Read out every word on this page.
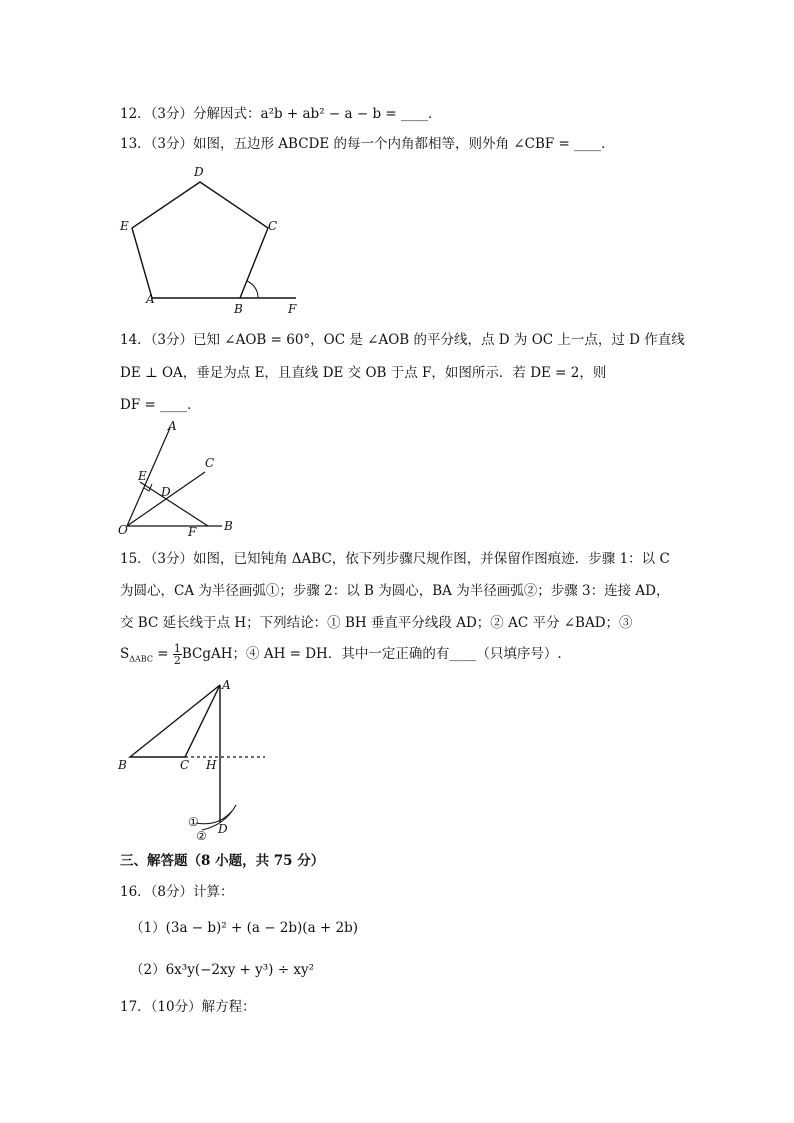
12．（3分）分解因式：a²b + ab² − a − b = ____．
13．（3分）如图，五边形 ABCDE 的每一个内角都相等，则外角 ∠CBF = ____．
D
C
E
A
B	F
14．（3分）已知 ∠AOB = 60°，OC 是 ∠AOB 的平分线，点 D 为 OC 上一点，过 D 作直线
DE ⊥ OA，垂足为点 E，且直线 DE 交 OB 于点 F，如图所示．若 DE = 2，则
DF = ____．
A
C
E
D
O	F B
15．（3分）如图，已知钝角 ΔABC，依下列步骤尺规作图，并保留作图痕迹．步骤 1：以 C
为圆心，CA 为半径画弧①；步骤 2：以 B 为圆心，BA 为半径画弧②；步骤 3：连接 AD，
交 BC 延长线于点 H；下列结论：① BH 垂直平分线段 AD；② AC 平分 ∠BAD；③
$S_{\Delta ABC} = \frac{1}{2}$ BCgAH；④ AH = DH．其中一定正确的有____（只填序号）.
A
B	C H
①
② D
三、解答题（8 小题，共 75 分）
16．（8分）计算：
（1）(3a − b)² + (a − 2b)(a + 2b)
（2）6x³y(−2xy + y³) ÷ xy²
17．（10分）解方程：
